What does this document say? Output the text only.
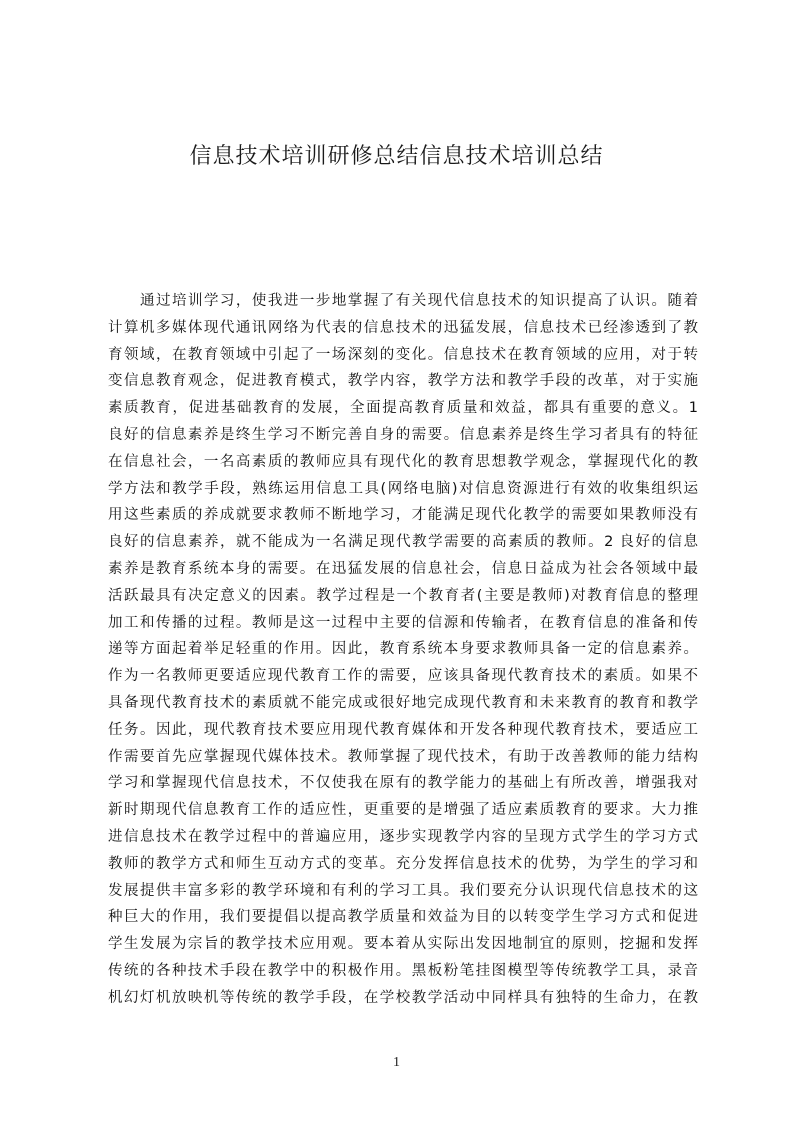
信息技术培训研修总结信息技术培训总结
通过培训学习，使我进一步地掌握了有关现代信息技术的知识提高了认识。随着
计算机多媒体现代通讯网络为代表的信息技术的迅猛发展，信息技术已经渗透到了教
育领域，在教育领域中引起了一场深刻的变化。信息技术在教育领域的应用，对于转
变信息教育观念，促进教育模式，教学内容，教学方法和教学手段的改革，对于实施
素质教育，促进基础教育的发展，全面提高教育质量和效益，都具有重要的意义。1
良好的信息素养是终生学习不断完善自身的需要。信息素养是终生学习者具有的特征
在信息社会，一名高素质的教师应具有现代化的教育思想教学观念，掌握现代化的教
学方法和教学手段，熟练运用信息工具(网络电脑)对信息资源进行有效的收集组织运
用这些素质的养成就要求教师不断地学习，才能满足现代化教学的需要如果教师没有
良好的信息素养，就不能成为一名满足现代教学需要的高素质的教师。2 良好的信息
素养是教育系统本身的需要。在迅猛发展的信息社会，信息日益成为社会各领域中最
活跃最具有决定意义的因素。教学过程是一个教育者(主要是教师)对教育信息的整理
加工和传播的过程。教师是这一过程中主要的信源和传输者，在教育信息的准备和传
递等方面起着举足轻重的作用。因此，教育系统本身要求教师具备一定的信息素养。
作为一名教师更要适应现代教育工作的需要，应该具备现代教育技术的素质。如果不
具备现代教育技术的素质就不能完成或很好地完成现代教育和未来教育的教育和教学
任务。因此，现代教育技术要应用现代教育媒体和开发各种现代教育技术，要适应工
作需要首先应掌握现代媒体技术。教师掌握了现代技术，有助于改善教师的能力结构
学习和掌握现代信息技术，不仅使我在原有的教学能力的基础上有所改善，增强我对
新时期现代信息教育工作的适应性，更重要的是增强了适应素质教育的要求。大力推
进信息技术在教学过程中的普遍应用，逐步实现教学内容的呈现方式学生的学习方式
教师的教学方式和师生互动方式的变革。充分发挥信息技术的优势，为学生的学习和
发展提供丰富多彩的教学环境和有利的学习工具。我们要充分认识现代信息技术的这
种巨大的作用，我们要提倡以提高教学质量和效益为目的以转变学生学习方式和促进
学生发展为宗旨的教学技术应用观。要本着从实际出发因地制宜的原则，挖掘和发挥
传统的各种技术手段在教学中的积极作用。黑板粉笔挂图模型等传统教学工具，录音
机幻灯机放映机等传统的教学手段，在学校教学活动中同样具有独特的生命力，在教
1
